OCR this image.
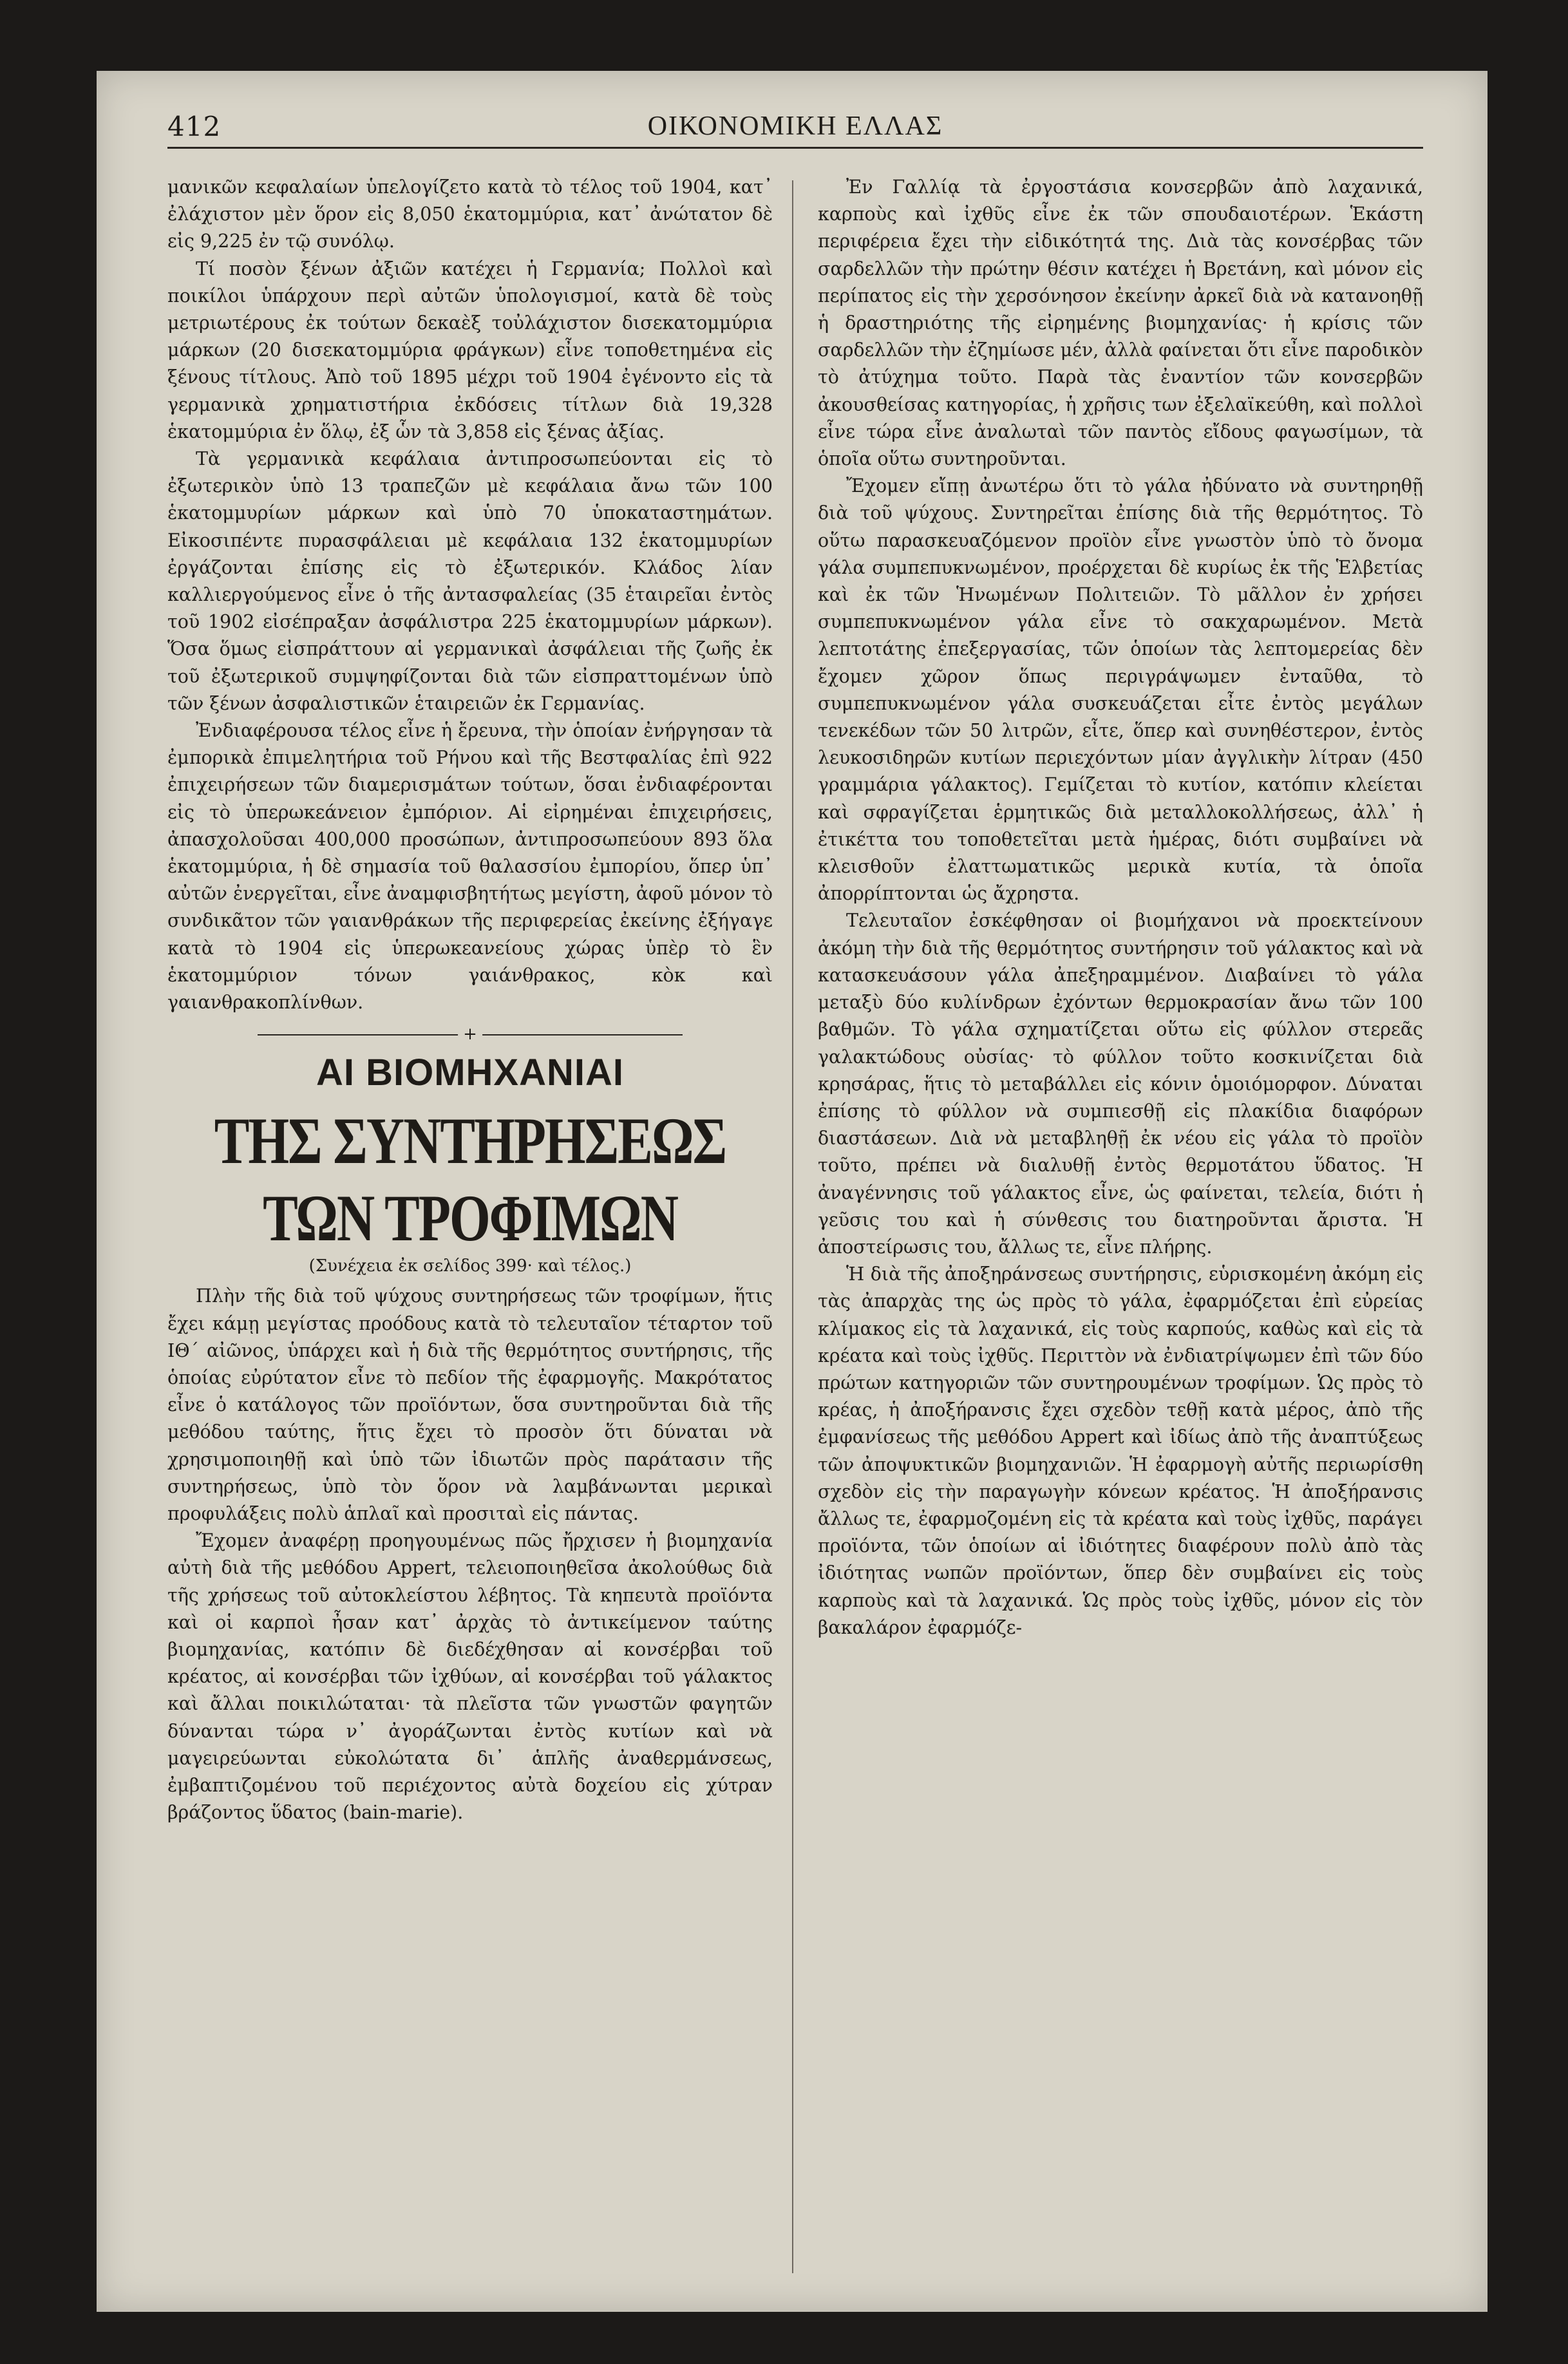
412	ΟΙΚΟΝΟΜΙΚΗ ΕΛΛΑΣ

μανικῶν κεφαλαίων ὑπελογίζετο κατὰ τὸ τέλος τοῦ 1904, κατ᾽ ἐλάχιστον μὲν ὅρον εἰς 8,050 ἑκατομμύρια, κατ᾽ ἀνώτατον δὲ εἰς 9,225 ἐν τῷ συνόλῳ.

Τί ποσὸν ξένων ἀξιῶν κατέχει ἡ Γερμανία; Πολλοὶ καὶ ποικίλοι ὑπάρχουν περὶ αὐτῶν ὑπολογισμοί, κατὰ δὲ τοὺς μετριωτέρους ἐκ τούτων δεκαὲξ τοὐλάχιστον δισεκατομμύρια μάρκων (20 δισεκατομμύρια φράγκων) εἶνε τοποθετημένα εἰς ξένους τίτλους. Ἀπὸ τοῦ 1895 μέχρι τοῦ 1904 ἐγένοντο εἰς τὰ γερμανικὰ χρηματιστήρια ἐκδόσεις τίτλων διὰ 19,328 ἑκατομμύρια ἐν ὅλῳ, ἐξ ὧν τὰ 3,858 εἰς ξένας ἀξίας.

Τὰ γερμανικὰ κεφάλαια ἀντιπροσωπεύονται εἰς τὸ ἐξωτερικὸν ὑπὸ 13 τραπεζῶν μὲ κεφάλαια ἄνω τῶν 100 ἑκατομμυρίων μάρκων καὶ ὑπὸ 70 ὑποκαταστημάτων. Εἰκοσιπέντε πυρασφάλειαι μὲ κεφάλαια 132 ἑκατομμυρίων ἐργάζονται ἐπίσης εἰς τὸ ἐξωτερικόν. Κλάδος λίαν καλλιεργούμενος εἶνε ὁ τῆς ἀντασφαλείας (35 ἑταιρεῖαι ἐντὸς τοῦ 1902 εἰσέπραξαν ἀσφάλιστρα 225 ἑκατομμυρίων μάρκων). Ὅσα ὅμως εἰσπράττουν αἱ γερμανικαὶ ἀσφάλειαι τῆς ζωῆς ἐκ τοῦ ἐξωτερικοῦ συμψηφίζονται διὰ τῶν εἰσπραττομένων ὑπὸ τῶν ξένων ἀσφαλιστικῶν ἑταιρειῶν ἐκ Γερμανίας.

Ἐνδιαφέρουσα τέλος εἶνε ἡ ἔρευνα, τὴν ὁποίαν ἐνήργησαν τὰ ἐμπορικὰ ἐπιμελητήρια τοῦ Ρήνου καὶ τῆς Βεστφαλίας ἐπὶ 922 ἐπιχειρήσεων τῶν διαμερισμάτων τούτων, ὅσαι ἐνδιαφέρονται εἰς τὸ ὑπερωκεάνειον ἐμπόριον. Αἱ εἰρημέναι ἐπιχειρήσεις, ἀπασχολοῦσαι 400,000 προσώπων, ἀντιπροσωπεύουν 893 ὅλα ἑκατομμύρια, ἡ δὲ σημασία τοῦ θαλασσίου ἐμπορίου, ὅπερ ὑπ᾽ αὐτῶν ἐνεργεῖται, εἶνε ἀναμφισβητήτως μεγίστη, ἀφοῦ μόνον τὸ συνδικᾶτον τῶν γαιανθράκων τῆς περιφερείας ἐκείνης ἐξήγαγε κατὰ τὸ 1904 εἰς ὑπερωκεανείους χώρας ὑπὲρ τὸ ἓν ἑκατομμύριον τόνων γαιάνθρακος, κὸκ καὶ γαιανθρακοπλίνθων.

+
ΑΙ ΒΙΟΜΗΧΑΝΙΑΙ
ΤΗΣ ΣΥΝΤΗΡΗΣΕΩΣ ΤΩΝ ΤΡΟΦΙΜΩΝ
(Συνέχεια ἐκ σελίδος 399· καὶ τέλος.)

Πλὴν τῆς διὰ τοῦ ψύχους συντηρήσεως τῶν τροφίμων, ἥτις ἔχει κάμῃ μεγίστας προόδους κατὰ τὸ τελευταῖον τέταρτον τοῦ ΙΘ´ αἰῶνος, ὑπάρχει καὶ ἡ διὰ τῆς θερμότητος συντήρησις, τῆς ὁποίας εὐρύτατον εἶνε τὸ πεδίον τῆς ἐφαρμογῆς. Μακρότατος εἶνε ὁ κατάλογος τῶν προϊόντων, ὅσα συντηροῦνται διὰ τῆς μεθόδου ταύτης, ἥτις ἔχει τὸ προσὸν ὅτι δύναται νὰ χρησιμοποιηθῇ καὶ ὑπὸ τῶν ἰδιωτῶν πρὸς παράτασιν τῆς συντηρήσεως, ὑπὸ τὸν ὅρον νὰ λαμβάνωνται μερικαὶ προφυλάξεις πολὺ ἁπλαῖ καὶ προσιταὶ εἰς πάντας.

Ἔχομεν ἀναφέρῃ προηγουμένως πῶς ἤρχισεν ἡ βιομηχανία αὐτὴ διὰ τῆς μεθόδου Appert, τελειοποιηθεῖσα ἀκολούθως διὰ τῆς χρήσεως τοῦ αὐτοκλείστου λέβητος. Τὰ κηπευτὰ προϊόντα καὶ οἱ καρποὶ ἦσαν κατ᾽ ἀρχὰς τὸ ἀντικείμενον ταύτης βιομηχανίας, κατόπιν δὲ διεδέχθησαν αἱ κονσέρβαι τοῦ κρέατος, αἱ κονσέρβαι τῶν ἰχθύων, αἱ κονσέρβαι τοῦ γάλακτος καὶ ἄλλαι ποικιλώταται· τὰ πλεῖστα τῶν γνωστῶν φαγητῶν δύνανται τώρα ν᾽ ἀγοράζωνται ἐντὸς κυτίων καὶ νὰ μαγειρεύωνται εὐκολώτατα δι᾽ ἁπλῆς ἀναθερμάνσεως, ἐμβαπτιζομένου τοῦ περιέχοντος αὐτὰ δοχείου εἰς χύτραν βράζοντος ὕδατος (bain-marie).

Ἐν Γαλλίᾳ τὰ ἐργοστάσια κονσερβῶν ἀπὸ λαχανικά, καρποὺς καὶ ἰχθῦς εἶνε ἐκ τῶν σπουδαιοτέρων. Ἑκάστη περιφέρεια ἔχει τὴν εἰδικότητά της. Διὰ τὰς κονσέρβας τῶν σαρδελλῶν τὴν πρώτην θέσιν κατέχει ἡ Βρετάνη, καὶ μόνον εἰς περίπατος εἰς τὴν χερσόνησον ἐκείνην ἀρκεῖ διὰ νὰ κατανοηθῇ ἡ δραστηριότης τῆς εἰρημένης βιομηχανίας· ἡ κρίσις τῶν σαρδελλῶν τὴν ἐζημίωσε μέν, ἀλλὰ φαίνεται ὅτι εἶνε παροδικὸν τὸ ἀτύχημα τοῦτο. Παρὰ τὰς ἐναντίον τῶν κονσερβῶν ἀκουσθείσας κατηγορίας, ἡ χρῆσις των ἐξελαϊκεύθη, καὶ πολλοὶ εἶνε τώρα εἶνε ἀναλωταὶ τῶν παντὸς εἴδους φαγωσίμων, τὰ ὁποῖα οὕτω συντηροῦνται.

Ἔχομεν εἴπῃ ἀνωτέρω ὅτι τὸ γάλα ἠδύνατο νὰ συντηρηθῇ διὰ τοῦ ψύχους. Συντηρεῖται ἐπίσης διὰ τῆς θερμότητος. Τὸ οὕτω παρασκευαζόμενον προϊὸν εἶνε γνωστὸν ὑπὸ τὸ ὄνομα γάλα συμπεπυκνωμένον, προέρχεται δὲ κυρίως ἐκ τῆς Ἑλβετίας καὶ ἐκ τῶν Ἡνωμένων Πολιτειῶν. Τὸ μᾶλλον ἐν χρήσει συμπεπυκνωμένον γάλα εἶνε τὸ σακχαρωμένον. Μετὰ λεπτοτάτης ἐπεξεργασίας, τῶν ὁποίων τὰς λεπτομερείας δὲν ἔχομεν χῶρον ὅπως περιγράψωμεν ἐνταῦθα, τὸ συμπεπυκνωμένον γάλα συσκευάζεται εἶτε ἐντὸς μεγάλων τενεκέδων τῶν 50 λιτρῶν, εἶτε, ὅπερ καὶ συνηθέστερον, ἐντὸς λευκοσιδηρῶν κυτίων περιεχόντων μίαν ἀγγλικὴν λίτραν (450 γραμμάρια γάλακτος). Γεμίζεται τὸ κυτίον, κατόπιν κλείεται καὶ σφραγίζεται ἑρμητικῶς διὰ μεταλλοκολλήσεως, ἀλλ᾽ ἡ ἐτικέττα του τοποθετεῖται μετὰ ἡμέρας, διότι συμβαίνει νὰ κλεισθοῦν ἐλαττωματικῶς μερικὰ κυτία, τὰ ὁποῖα ἀπορρίπτονται ὡς ἄχρηστα.

Τελευταῖον ἐσκέφθησαν οἱ βιομήχανοι νὰ προεκτείνουν ἀκόμη τὴν διὰ τῆς θερμότητος συντήρησιν τοῦ γάλακτος καὶ νὰ κατασκευάσουν γάλα ἀπεξηραμμένον. Διαβαίνει τὸ γάλα μεταξὺ δύο κυλίνδρων ἐχόντων θερμοκρασίαν ἄνω τῶν 100 βαθμῶν. Τὸ γάλα σχηματίζεται οὕτω εἰς φύλλον στερεᾶς γαλακτώδους οὐσίας· τὸ φύλλον τοῦτο κοσκινίζεται διὰ κρησάρας, ἥτις τὸ μεταβάλλει εἰς κόνιν ὁμοιόμορφον. Δύναται ἐπίσης τὸ φύλλον νὰ συμπιεσθῇ εἰς πλακίδια διαφόρων διαστάσεων. Διὰ νὰ μεταβληθῇ ἐκ νέου εἰς γάλα τὸ προϊὸν τοῦτο, πρέπει νὰ διαλυθῇ ἐντὸς θερμοτάτου ὕδατος. Ἡ ἀναγέννησις τοῦ γάλακτος εἶνε, ὡς φαίνεται, τελεία, διότι ἡ γεῦσις του καὶ ἡ σύνθεσις του διατηροῦνται ἄριστα. Ἡ ἀποστείρωσις του, ἄλλως τε, εἶνε πλήρης.

Ἡ διὰ τῆς ἀποξηράνσεως συντήρησις, εὑρισκομένη ἀκόμη εἰς τὰς ἀπαρχὰς της ὡς πρὸς τὸ γάλα, ἐφαρμόζεται ἐπὶ εὐρείας κλίμακος εἰς τὰ λαχανικά, εἰς τοὺς καρπούς, καθὼς καὶ εἰς τὰ κρέατα καὶ τοὺς ἰχθῦς. Περιττὸν νὰ ἐνδιατρίψωμεν ἐπὶ τῶν δύο πρώτων κατηγοριῶν τῶν συντηρουμένων τροφίμων. Ὡς πρὸς τὸ κρέας, ἡ ἀποξήρανσις ἔχει σχεδὸν τεθῇ κατὰ μέρος, ἀπὸ τῆς ἐμφανίσεως τῆς μεθόδου Appert καὶ ἰδίως ἀπὸ τῆς ἀναπτύξεως τῶν ἀποψυκτικῶν βιομηχανιῶν. Ἡ ἐφαρμογὴ αὐτῆς περιωρίσθη σχεδὸν εἰς τὴν παραγωγὴν κόνεων κρέατος. Ἡ ἀποξήρανσις ἄλλως τε, ἐφαρμοζομένη εἰς τὰ κρέατα καὶ τοὺς ἰχθῦς, παράγει προϊόντα, τῶν ὁποίων αἱ ἰδιότητες διαφέρουν πολὺ ἀπὸ τὰς ἰδιότητας νωπῶν προϊόντων, ὅπερ δὲν συμβαίνει εἰς τοὺς καρποὺς καὶ τὰ λαχανικά. Ὡς πρὸς τοὺς ἰχθῦς, μόνον εἰς τὸν βακαλάρον ἐφαρμόζε-
